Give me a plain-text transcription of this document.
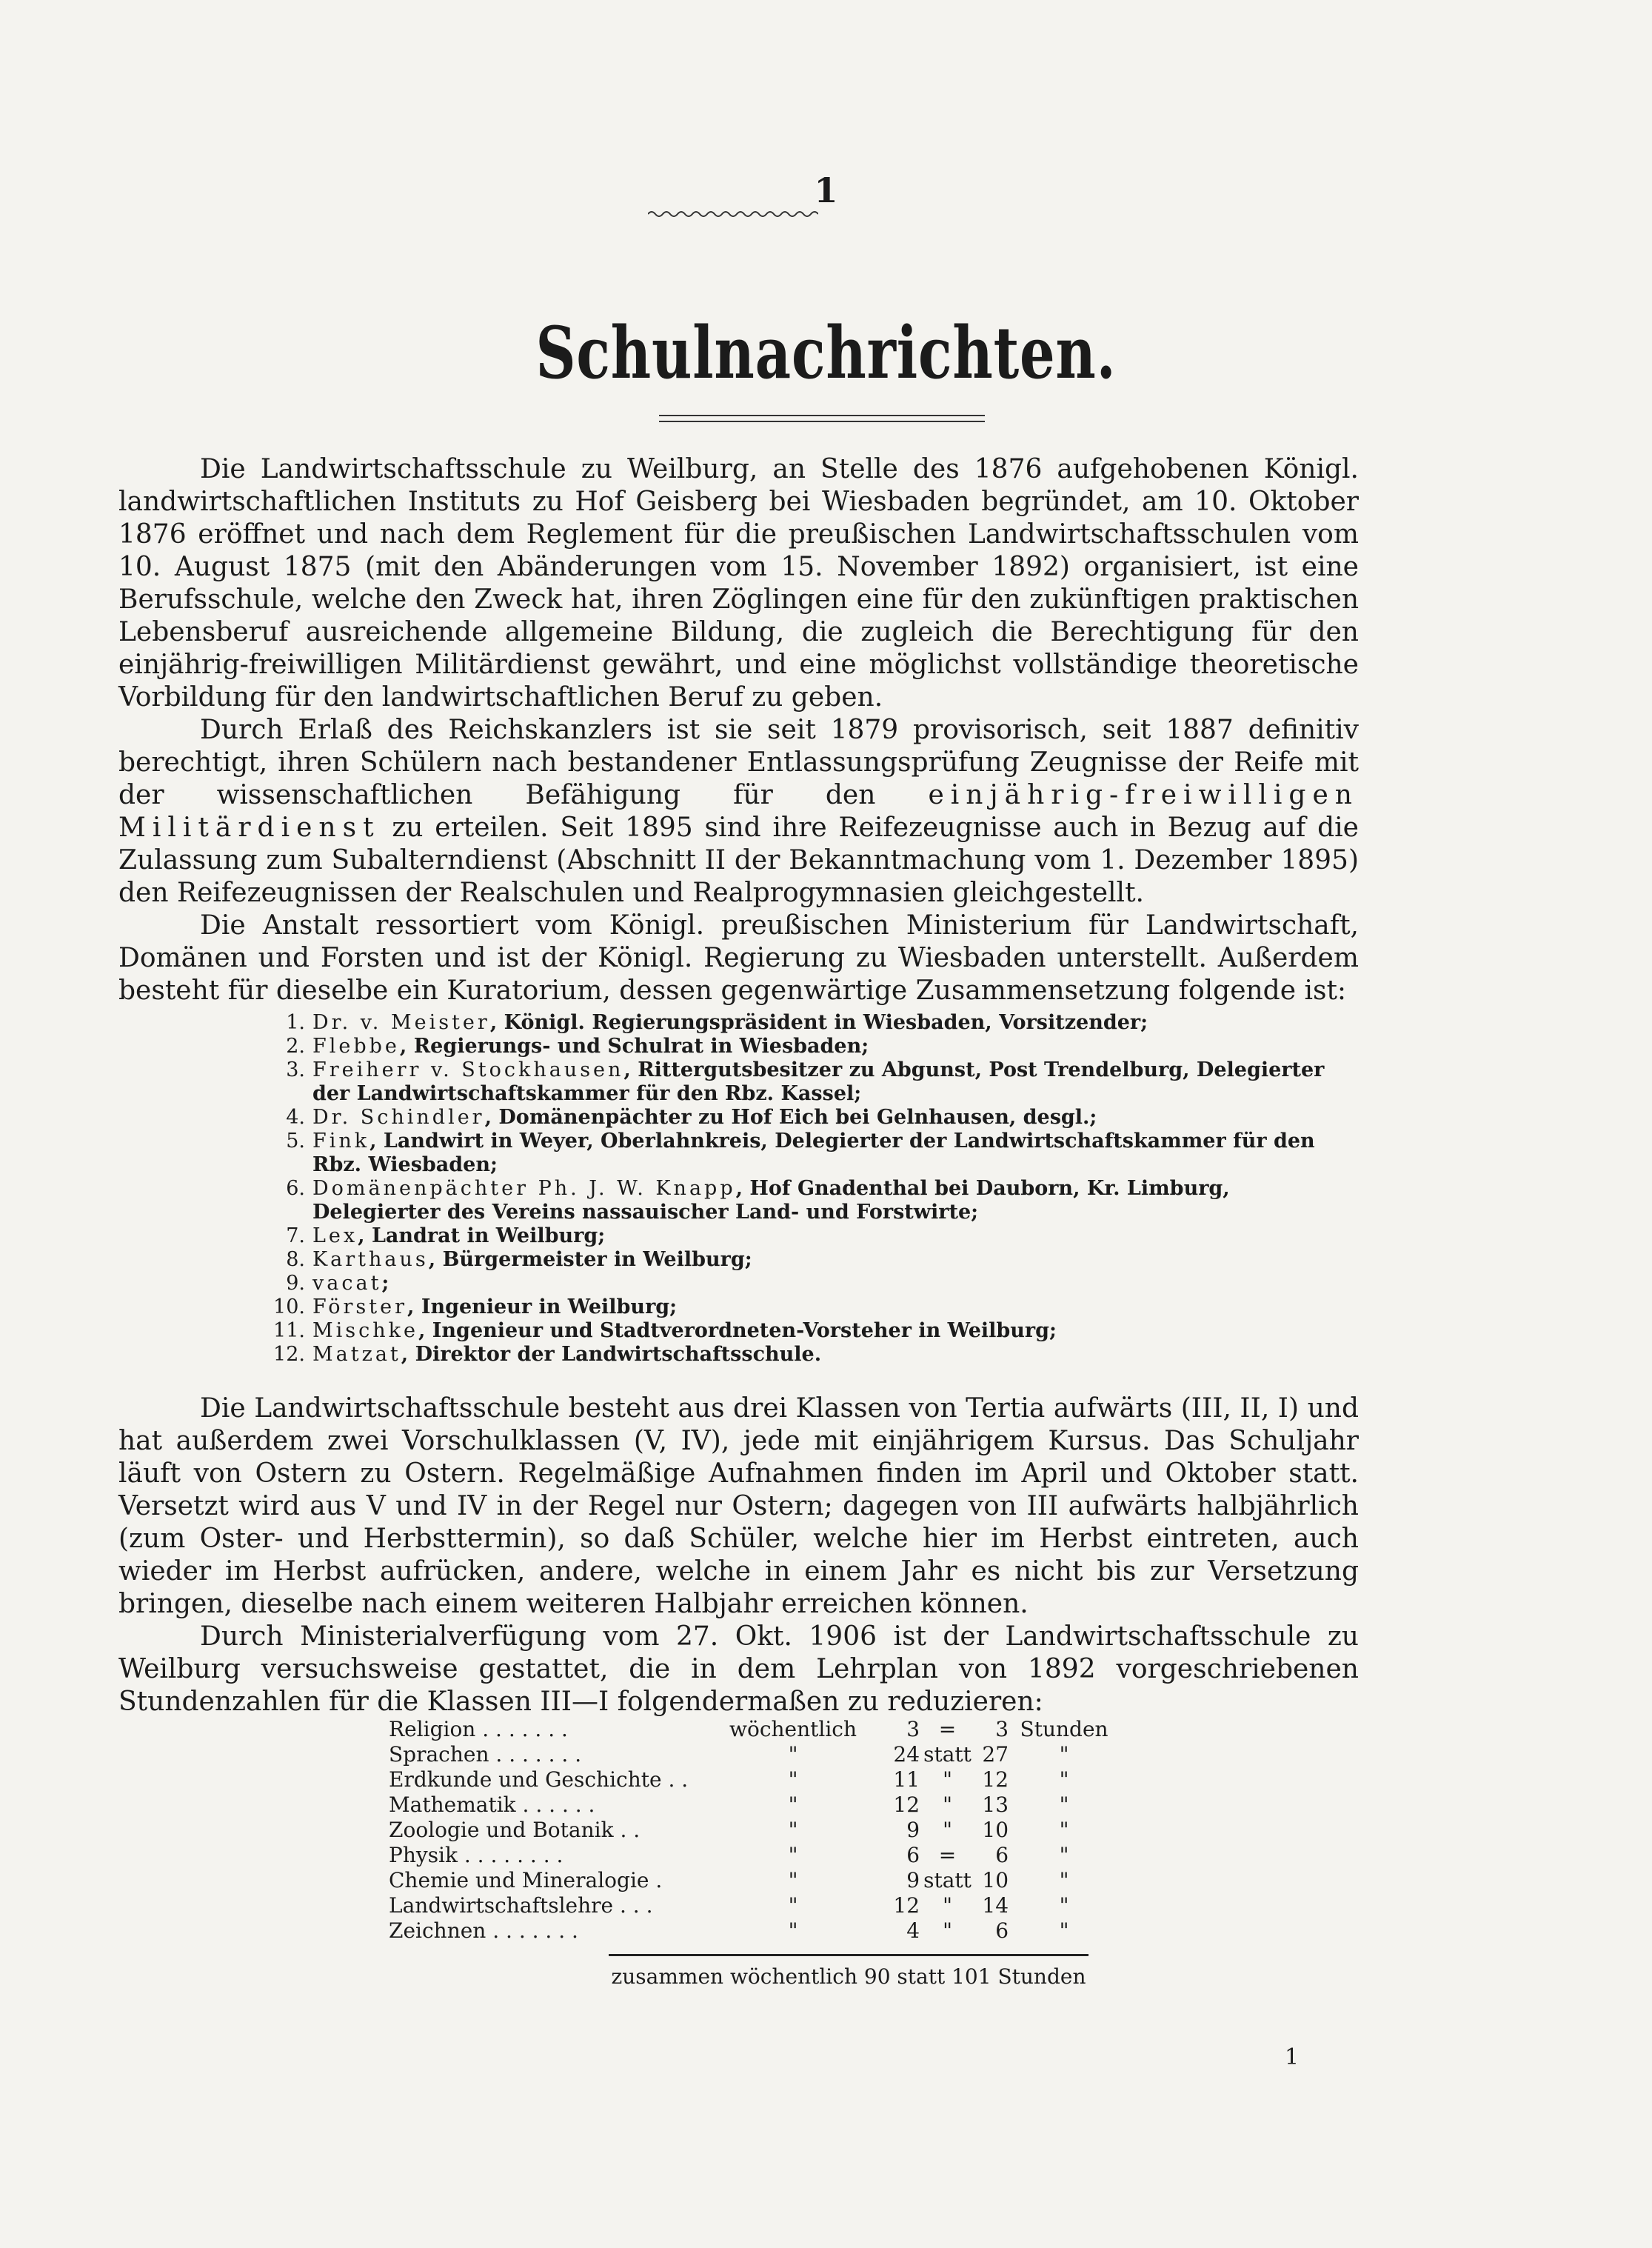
1
Schulnachrichten.

Die Landwirtschaftsschule zu Weilburg, an Stelle des 1876 aufgehobenen Königl. landwirtschaftlichen Instituts zu Hof Geisberg bei Wiesbaden begründet, am 10. Oktober 1876 eröffnet und nach dem Reglement für die preußischen Landwirtschaftsschulen vom 10. August 1875 (mit den Abänderungen vom 15. November 1892) organisiert, ist eine Berufsschule, welche den Zweck hat, ihren Zöglingen eine für den zukünftigen praktischen Lebensberuf ausreichende allgemeine Bildung, die zugleich die Berechtigung für den einjährig-freiwilligen Militärdienst gewährt, und eine möglichst vollständige theoretische Vorbildung für den landwirtschaftlichen Beruf zu geben.

Durch Erlaß des Reichskanzlers ist sie seit 1879 provisorisch, seit 1887 definitiv berechtigt, ihren Schülern nach bestandener Entlassungsprüfung Zeugnisse der Reife mit der wissenschaftlichen Befähigung für den einjährig-freiwilligen Militärdienst zu erteilen. Seit 1895 sind ihre Reifezeugnisse auch in Bezug auf die Zulassung zum Subalterndienst (Abschnitt II der Bekanntmachung vom 1. Dezember 1895) den Reifezeugnissen der Realschulen und Realprogymnasien gleichgestellt.

Die Anstalt ressortiert vom Königl. preußischen Ministerium für Landwirtschaft, Domänen und Forsten und ist der Königl. Regierung zu Wiesbaden unterstellt. Außerdem besteht für dieselbe ein Kuratorium, dessen gegenwärtige Zusammensetzung folgende ist:

1. Dr. v. Meister, Königl. Regierungspräsident in Wiesbaden, Vorsitzender;
2. Flebbe, Regierungs- und Schulrat in Wiesbaden;
3. Freiherr v. Stockhausen, Rittergutsbesitzer zu Abgunst, Post Trendelburg, Delegierter der Landwirtschaftskammer für den Rbz. Kassel;
4. Dr. Schindler, Domänenpächter zu Hof Eich bei Gelnhausen, desgl.;
5. Fink, Landwirt in Weyer, Oberlahnkreis, Delegierter der Landwirtschaftskammer für den Rbz. Wiesbaden;
6. Domänenpächter Ph. J. W. Knapp, Hof Gnadenthal bei Dauborn, Kr. Limburg, Delegierter des Vereins nassauischer Land- und Forstwirte;
7. Lex, Landrat in Weilburg;
8. Karthaus, Bürgermeister in Weilburg;
9. vacat;
10. Förster, Ingenieur in Weilburg;
11. Mischke, Ingenieur und Stadtverordneten-Vorsteher in Weilburg;
12. Matzat, Direktor der Landwirtschaftsschule.

Die Landwirtschaftsschule besteht aus drei Klassen von Tertia aufwärts (III, II, I) und hat außerdem zwei Vorschulklassen (V, IV), jede mit einjährigem Kursus. Das Schuljahr läuft von Ostern zu Ostern. Regelmäßige Aufnahmen finden im April und Oktober statt. Versetzt wird aus V und IV in der Regel nur Ostern; dagegen von III aufwärts halbjährlich (zum Oster- und Herbsttermin), so daß Schüler, welche hier im Herbst eintreten, auch wieder im Herbst aufrücken, andere, welche in einem Jahr es nicht bis zur Versetzung bringen, dieselbe nach einem weiteren Halbjahr erreichen können.

Durch Ministerialverfügung vom 27. Okt. 1906 ist der Landwirtschaftsschule zu Weilburg versuchsweise gestattet, die in dem Lehrplan von 1892 vorgeschriebenen Stundenzahlen für die Klassen III—I folgendermaßen zu reduzieren:

Religion . . . . . . .	wöchentlich	3	=	3	Stunden
Sprachen . . . . . . .	"	24	statt	27	"
Erdkunde und Geschichte . .	"	11	"	12	"
Mathematik . . . . . .	"	12	"	13	"
Zoologie und Botanik . .	"	9	"	10	"
Physik . . . . . . . .	"	6	=	6	"
Chemie und Mineralogie .	"	9	statt	10	"
Landwirtschaftslehre . . .	"	12	"	14	"
Zeichnen . . . . . . .	"	4	"	6	"
zusammen wöchentlich 90 statt 101 Stunden
1
